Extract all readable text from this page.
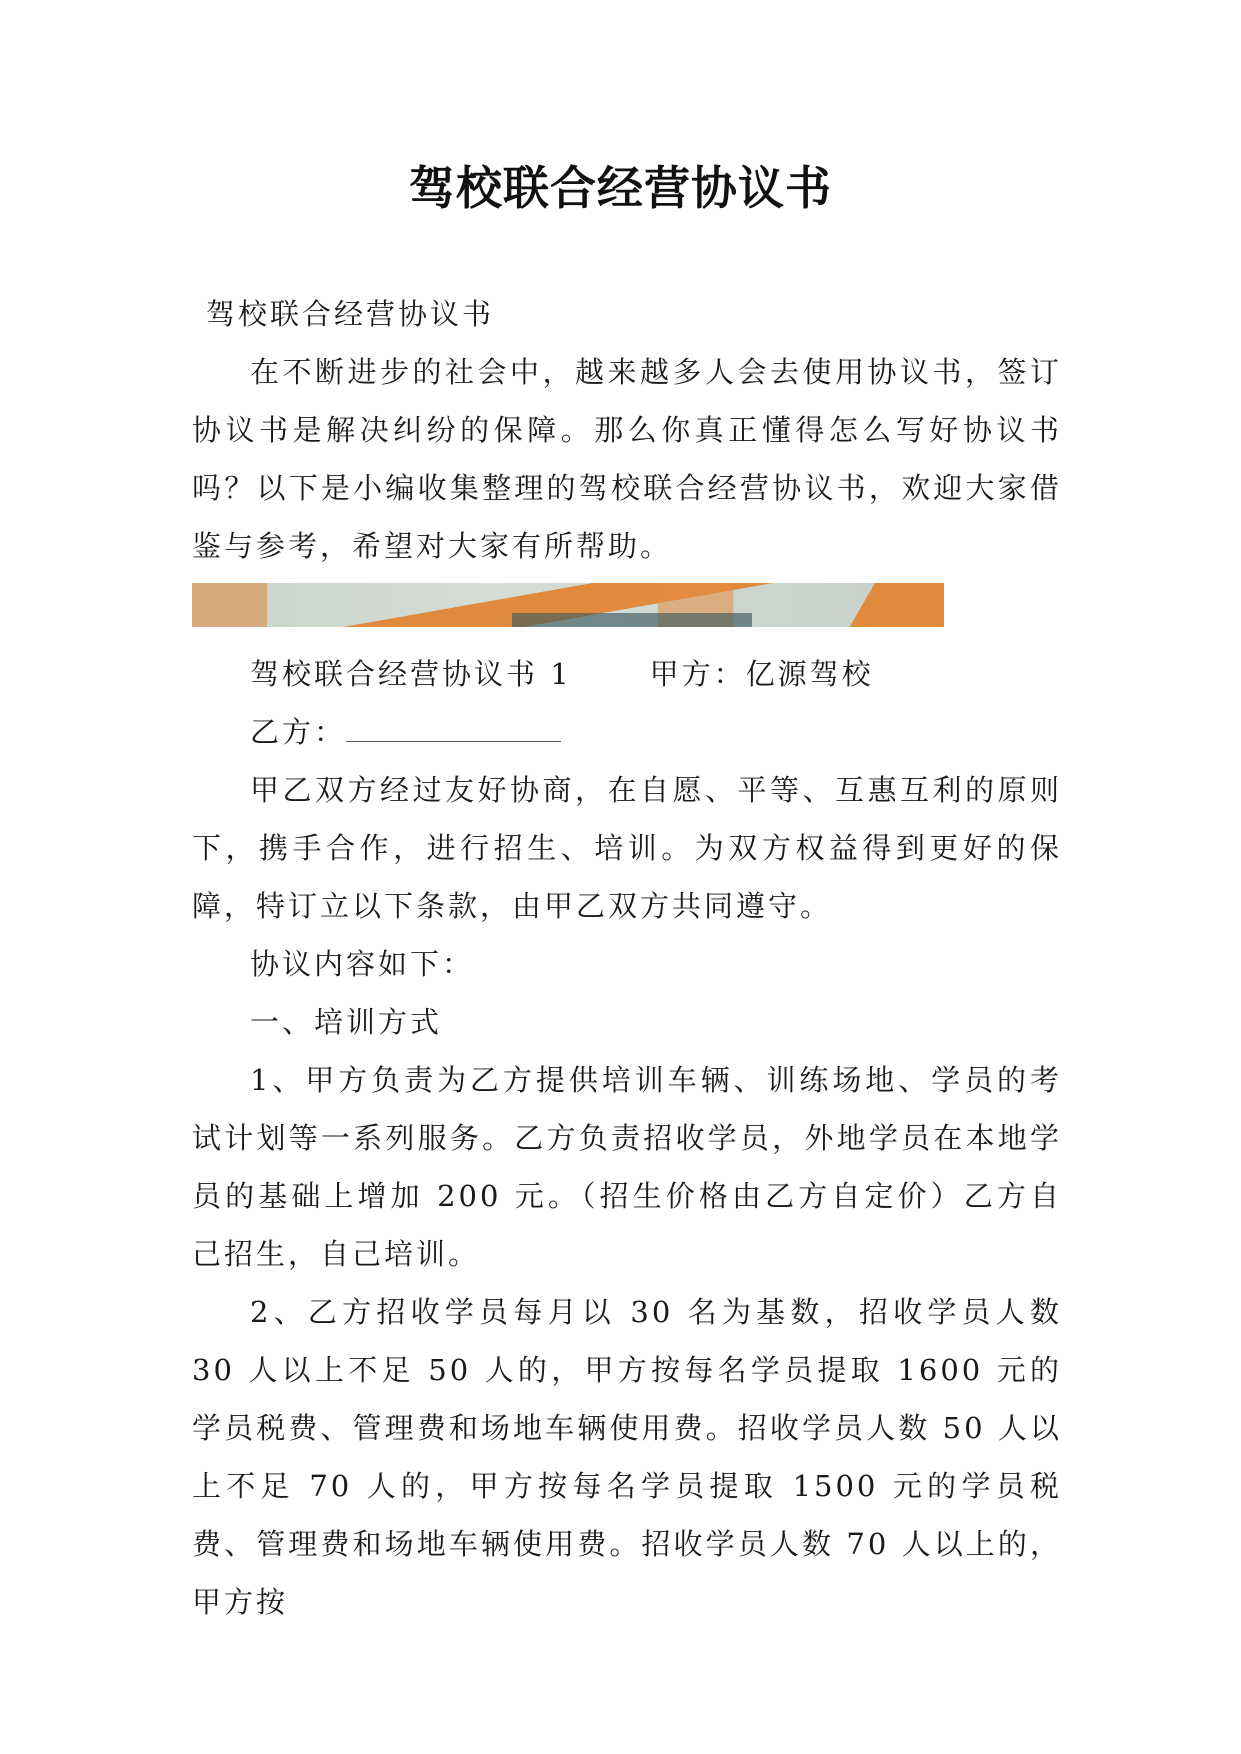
驾校联合经营协议书

驾校联合经营协议书

在不断进步的社会中，越来越多人会去使用协议书，签订协议书是解决纠纷的保障。那么你真正懂得怎么写好协议书吗？以下是小编收集整理的驾校联合经营协议书，欢迎大家借鉴与参考，希望对大家有所帮助。

驾校联合经营协议书 1	甲方：亿源驾校

乙方：

甲乙双方经过友好协商，在自愿、平等、互惠互利的原则下，携手合作，进行招生、培训。为双方权益得到更好的保障，特订立以下条款，由甲乙双方共同遵守。

协议内容如下：

一、培训方式

1、甲方负责为乙方提供培训车辆、训练场地、学员的考试计划等一系列服务。乙方负责招收学员，外地学员在本地学员的基础上增加 200 元。（招生价格由乙方自定价）乙方自己招生，自己培训。

2、乙方招收学员每月以 30 名为基数，招收学员人数 30 人以上不足 50 人的，甲方按每名学员提取 1600 元的学员税费、管理费和场地车辆使用费。招收学员人数 50 人以上不足 70 人的，甲方按每名学员提取 1500 元的学员税费、管理费和场地车辆使用费。招收学员人数 70 人以上的，甲方按
